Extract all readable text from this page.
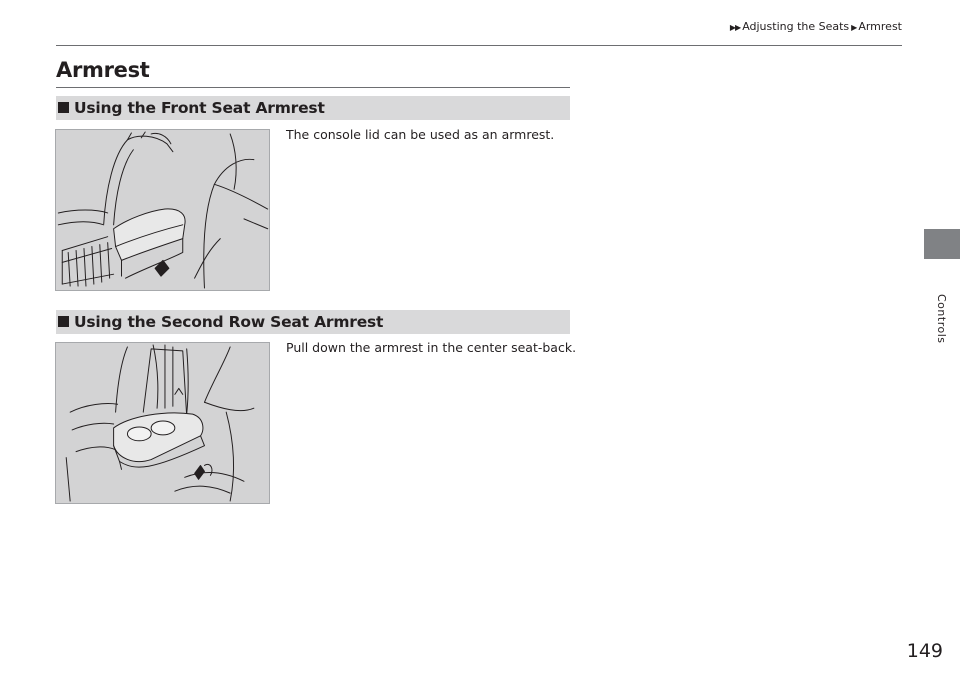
▶▶ Adjusting the Seats ▶ Armrest
Controls
Armrest
Using the Front Seat Armrest
The console lid can be used as an armrest.
Using the Second Row Seat Armrest
Pull down the armrest in the center seat-back.
149
